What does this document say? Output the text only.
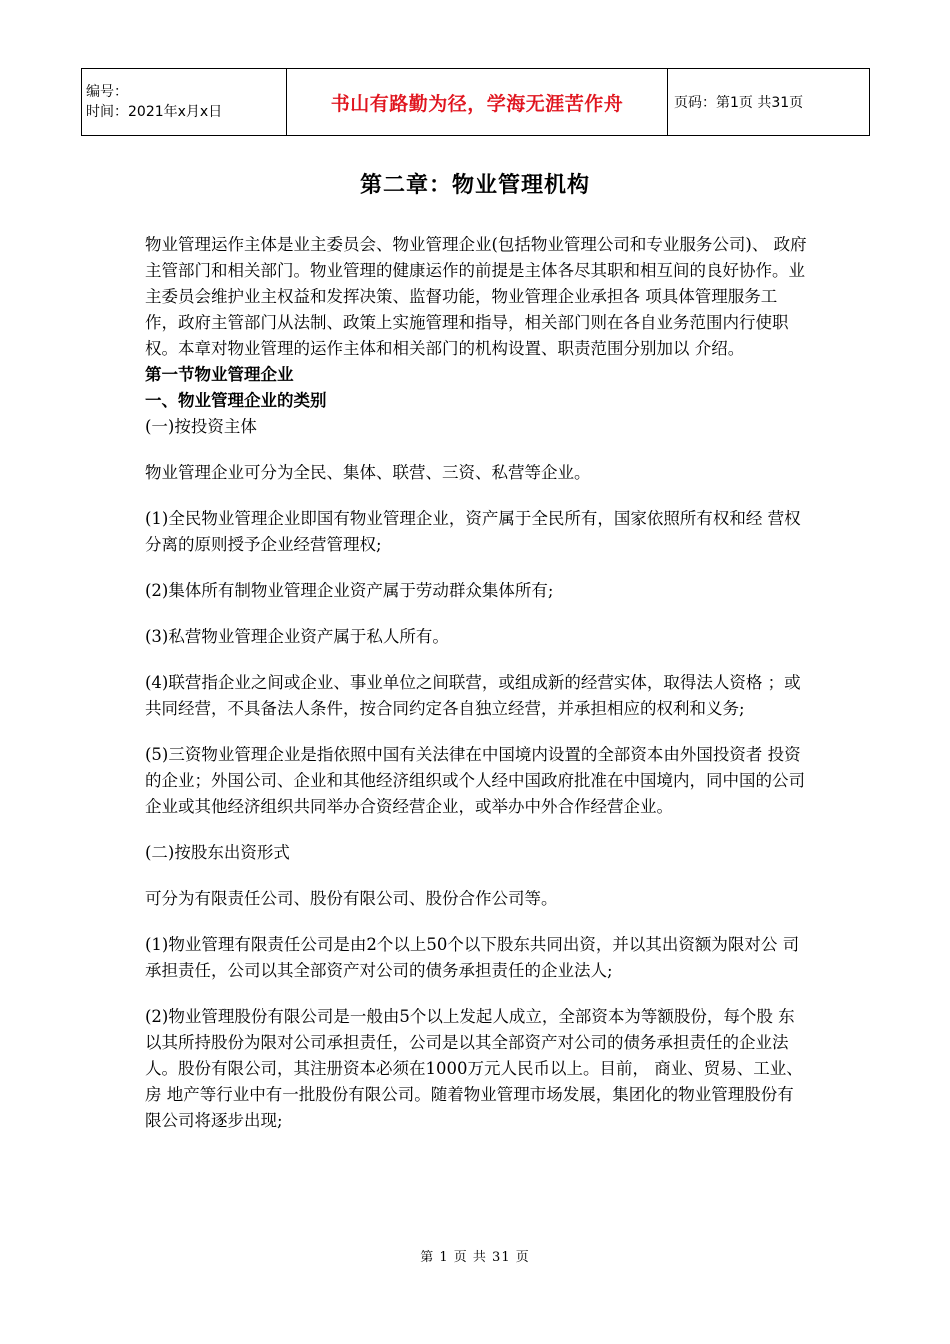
编号：
时间：2021年x月x日	书山有路勤为径，学海无涯苦作舟	页码：第1页 共31页
第二章：物业管理机构

物业管理运作主体是业主委员会、物业管理企业(包括物业管理公司和专业服务公司)、 政府主管部门和相关部门。物业管理的健康运作的前提是主体各尽其职和相互间的良好协作。业主委员会维护业主权益和发挥决策、监督功能，物业管理企业承担各 项具体管理服务工 作，政府主管部门从法制、政策上实施管理和指导，相关部门则在各自业务范围内行使职权。本章对物业管理的运作主体和相关部门的机构设置、职责范围分别加以 介绍。

第一节物业管理企业

一、物业管理企业的类别

(一)按投资主体

物业管理企业可分为全民、集体、联营、三资、私营等企业。

(1)全民物业管理企业即国有物业管理企业，资产属于全民所有，国家依照所有权和经 营权分离的原则授予企业经营管理权;

(2)集体所有制物业管理企业资产属于劳动群众集体所有;

(3)私营物业管理企业资产属于私人所有。

(4)联营指企业之间或企业、事业单位之间联营，或组成新的经营实体，取得法人资格 ；或共同经营，不具备法人条件，按合同约定各自独立经营，并承担相应的权利和义务;

(5)三资物业管理企业是指依照中国有关法律在中国境内设置的全部资本由外国投资者 投资的企业；外国公司、企业和其他经济组织或个人经中国政府批准在中国境内，同中国的公司企业或其他经济组织共同举办合资经营企业，或举办中外合作经营企业。

(二)按股东出资形式

可分为有限责任公司、股份有限公司、股份合作公司等。

(1)物业管理有限责任公司是由2个以上50个以下股东共同出资，并以其出资额为限对公 司承担责任，公司以其全部资产对公司的债务承担责任的企业法人;

(2)物业管理股份有限公司是一般由5个以上发起人成立，全部资本为等额股份，每个股 东以其所持股份为限对公司承担责任，公司是以其全部资产对公司的债务承担责任的企业法人。股份有限公司，其注册资本必须在1000万元人民币以上。目前， 商业、贸易、工业、房 地产等行业中有一批股份有限公司。随着物业管理市场发展，集团化的物业管理股份有限公司将逐步出现;

第 1 页 共 31 页
